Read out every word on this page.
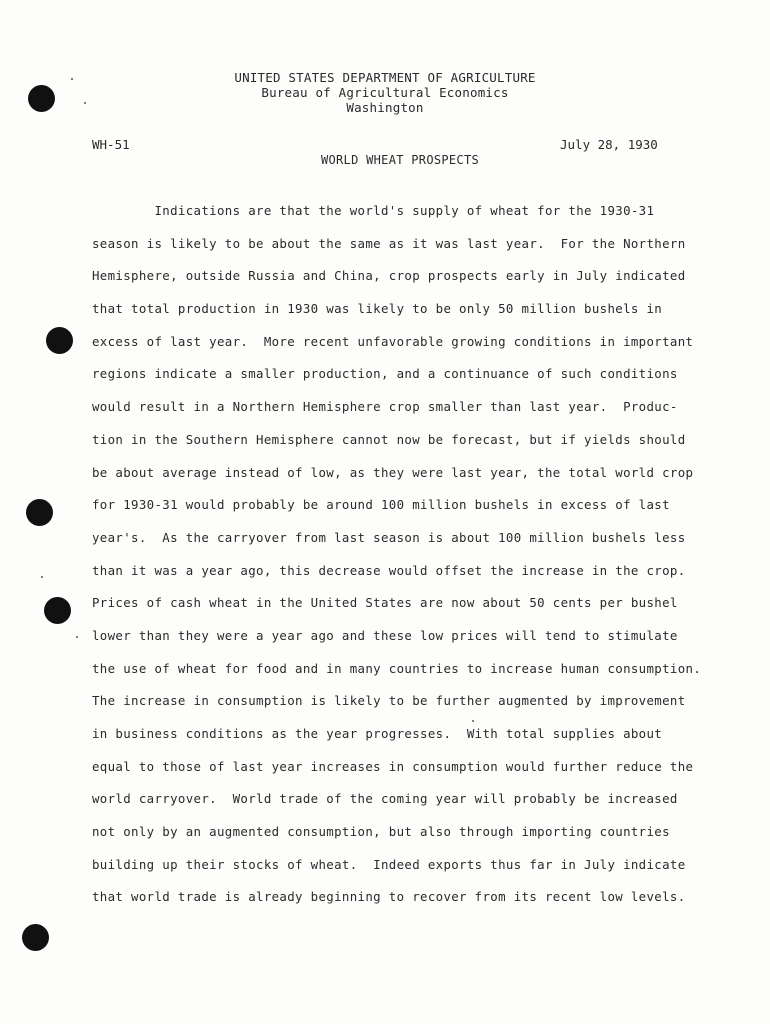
UNITED STATES DEPARTMENT OF AGRICULTURE
Bureau of Agricultural Economics
Washington
WH-51	July 28, 1930
WORLD WHEAT PROSPECTS
Indications are that the world's supply of wheat for the 1930-31
season is likely to be about the same as it was last year.  For the Northern
Hemisphere, outside Russia and China, crop prospects early in July indicated
that total production in 1930 was likely to be only 50 million bushels in
excess of last year.  More recent unfavorable growing conditions in important
regions indicate a smaller production, and a continuance of such conditions
would result in a Northern Hemisphere crop smaller than last year.  Produc-
tion in the Southern Hemisphere cannot now be forecast, but if yields should
be about average instead of low, as they were last year, the total world crop
for 1930-31 would probably be around 100 million bushels in excess of last
year's.  As the carryover from last season is about 100 million bushels less
than it was a year ago, this decrease would offset the increase in the crop.
Prices of cash wheat in the United States are now about 50 cents per bushel
lower than they were a year ago and these low prices will tend to stimulate
the use of wheat for food and in many countries to increase human consumption.
The increase in consumption is likely to be further augmented by improvement
in business conditions as the year progresses.  With total supplies about
equal to those of last year increases in consumption would further reduce the
world carryover.  World trade of the coming year will probably be increased
not only by an augmented consumption, but also through importing countries
building up their stocks of wheat.  Indeed exports thus far in July indicate
that world trade is already beginning to recover from its recent low levels.
